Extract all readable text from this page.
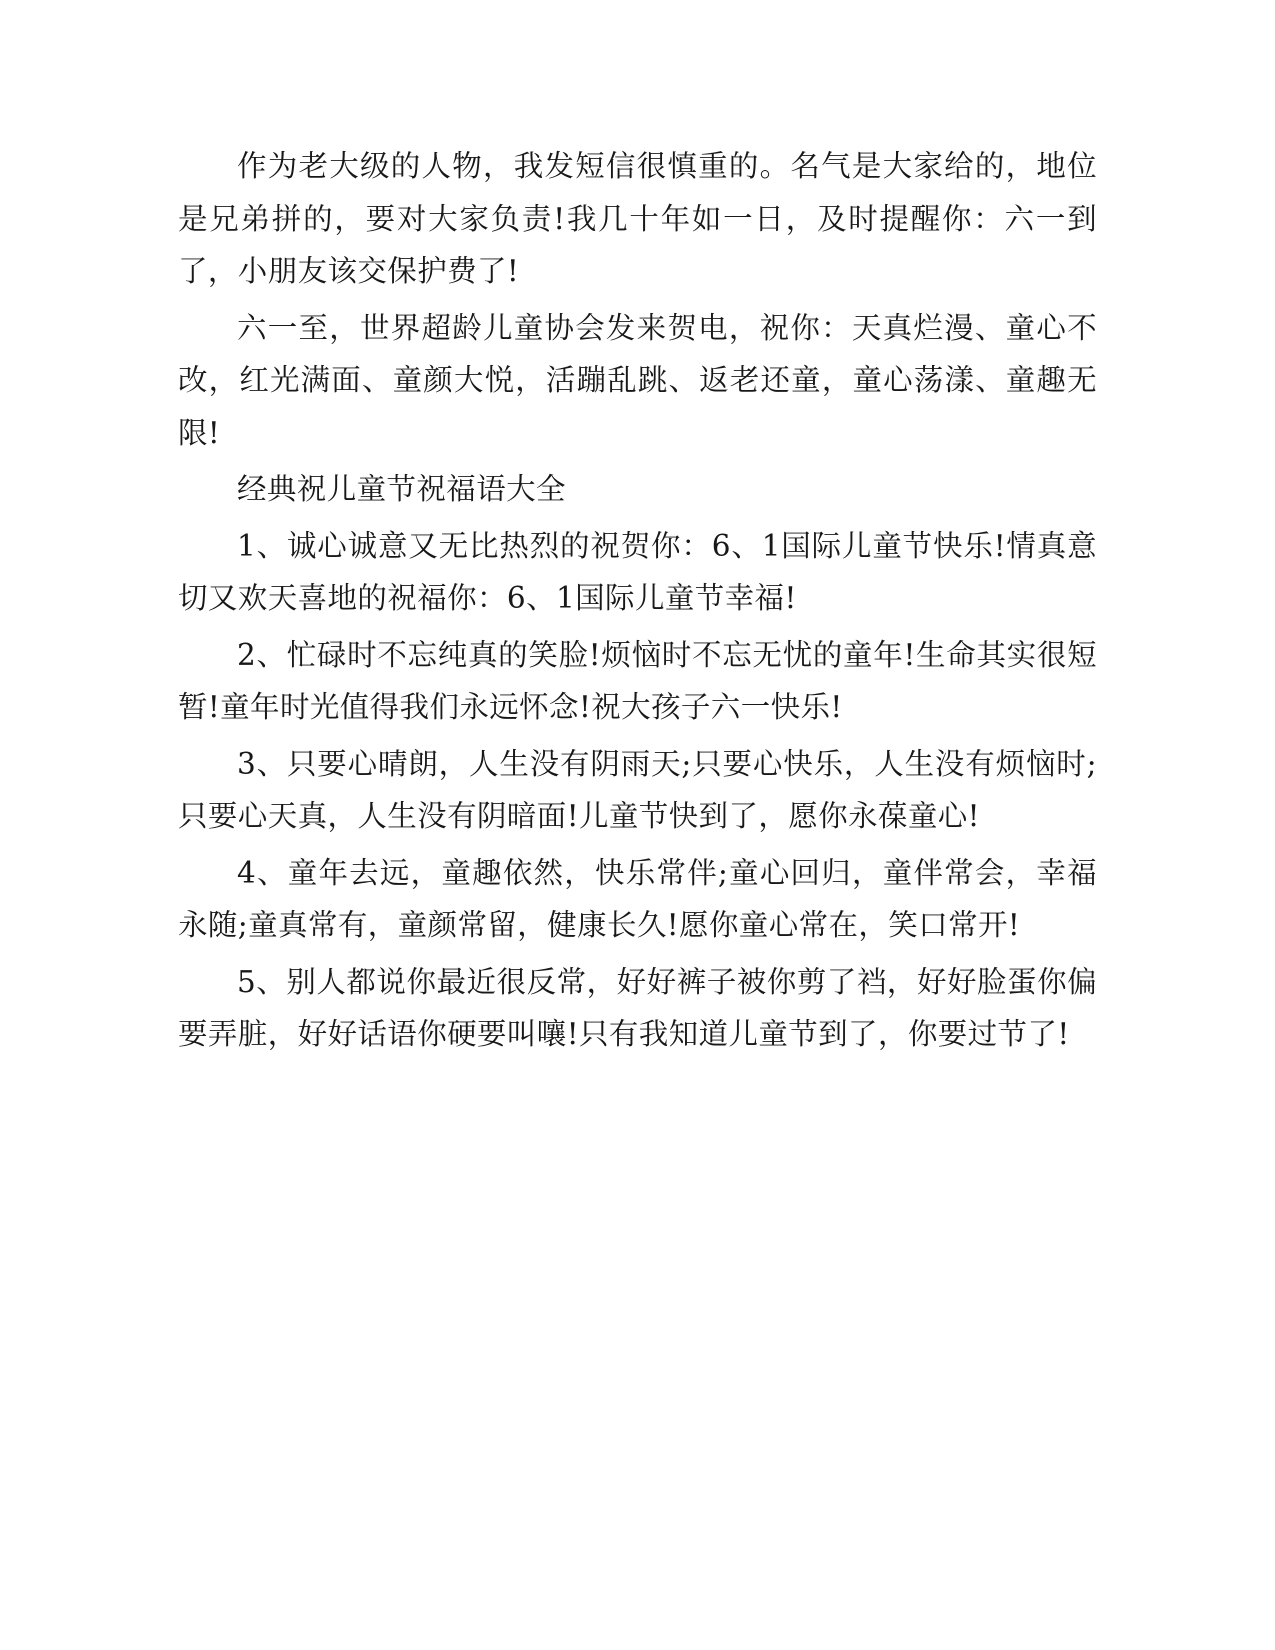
作为老大级的人物，我发短信很慎重的。名气是大家给的，地位是兄弟拼的，要对大家负责!我几十年如一日，及时提醒你：六一到了，小朋友该交保护费了!

六一至，世界超龄儿童协会发来贺电，祝你：天真烂漫、童心不改，红光满面、童颜大悦，活蹦乱跳、返老还童，童心荡漾、童趣无限!

经典祝儿童节祝福语大全

1、诚心诚意又无比热烈的祝贺你：6、1国际儿童节快乐!情真意切又欢天喜地的祝福你：6、1国际儿童节幸福!

2、忙碌时不忘纯真的笑脸!烦恼时不忘无忧的童年!生命其实很短暂!童年时光值得我们永远怀念!祝大孩子六一快乐!

3、只要心晴朗，人生没有阴雨天;只要心快乐，人生没有烦恼时;只要心天真，人生没有阴暗面!儿童节快到了，愿你永葆童心!

4、童年去远，童趣依然，快乐常伴;童心回归，童伴常会，幸福永随;童真常有，童颜常留，健康长久!愿你童心常在，笑口常开!

5、别人都说你最近很反常，好好裤子被你剪了裆，好好脸蛋你偏要弄脏，好好话语你硬要叫嚷!只有我知道儿童节到了，你要过节了!
